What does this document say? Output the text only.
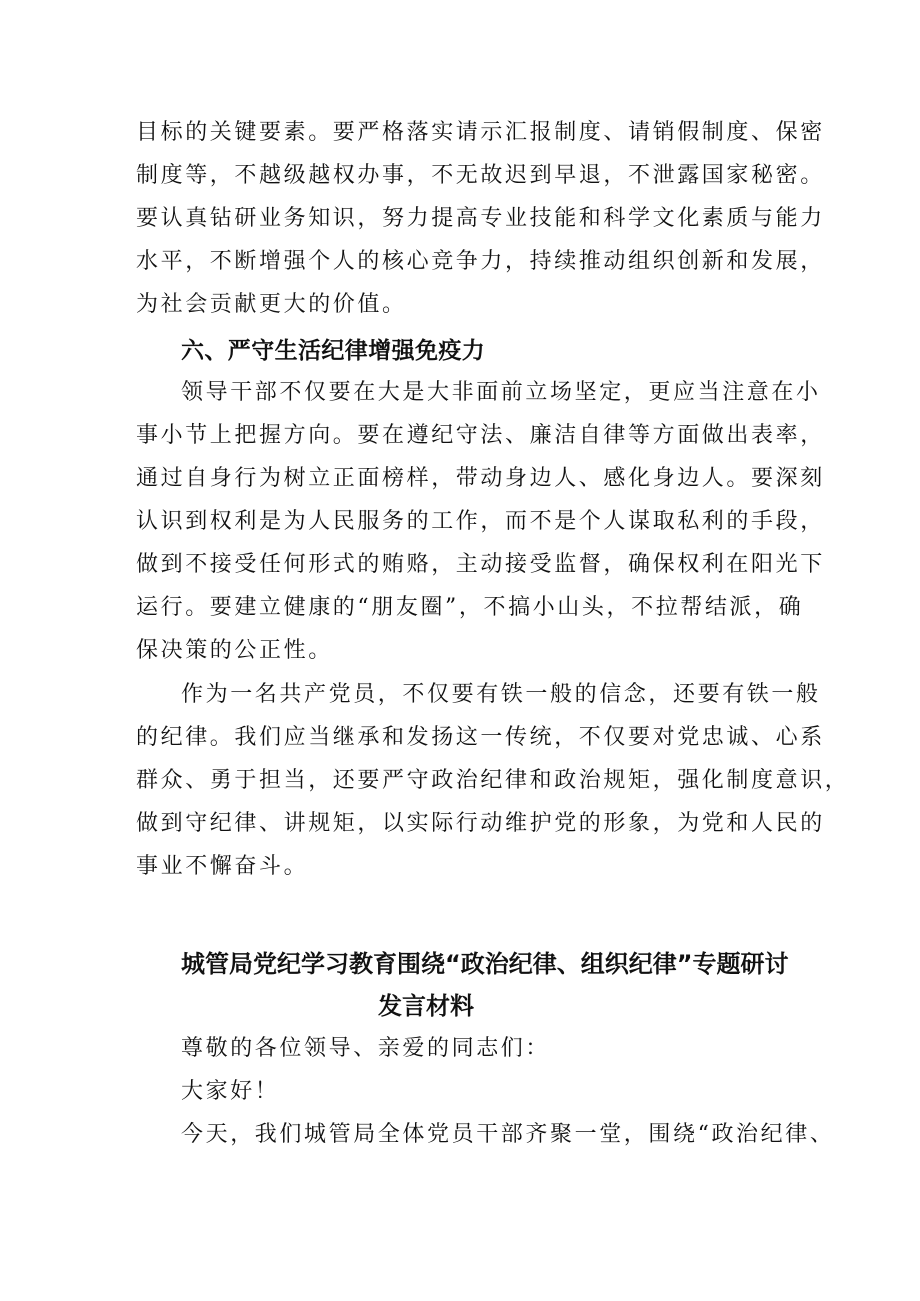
目标的关键要素。要严格落实请示汇报制度、请销假制度、保密
制度等，不越级越权办事，不无故迟到早退，不泄露国家秘密。
要认真钻研业务知识，努力提高专业技能和科学文化素质与能力
水平，不断增强个人的核心竞争力，持续推动组织创新和发展，
为社会贡献更大的价值。
六、严守生活纪律增强免疫力
领导干部不仅要在大是大非面前立场坚定，更应当注意在小
事小节上把握方向。要在遵纪守法、廉洁自律等方面做出表率，
通过自身行为树立正面榜样，带动身边人、感化身边人。要深刻
认识到权利是为人民服务的工作，而不是个人谋取私利的手段，
做到不接受任何形式的贿赂，主动接受监督，确保权利在阳光下
运行。要建立健康的“朋友圈”，不搞小山头，不拉帮结派，确
保决策的公正性。
作为一名共产党员，不仅要有铁一般的信念，还要有铁一般
的纪律。我们应当继承和发扬这一传统，不仅要对党忠诚、心系
群众、勇于担当，还要严守政治纪律和政治规矩，强化制度意识，
做到守纪律、讲规矩，以实际行动维护党的形象，为党和人民的
事业不懈奋斗。
城管局党纪学习教育围绕“政治纪律、组织纪律”专题研讨
发言材料
尊敬的各位领导、亲爱的同志们：
大家好！
今天，我们城管局全体党员干部齐聚一堂，围绕“政治纪律、
